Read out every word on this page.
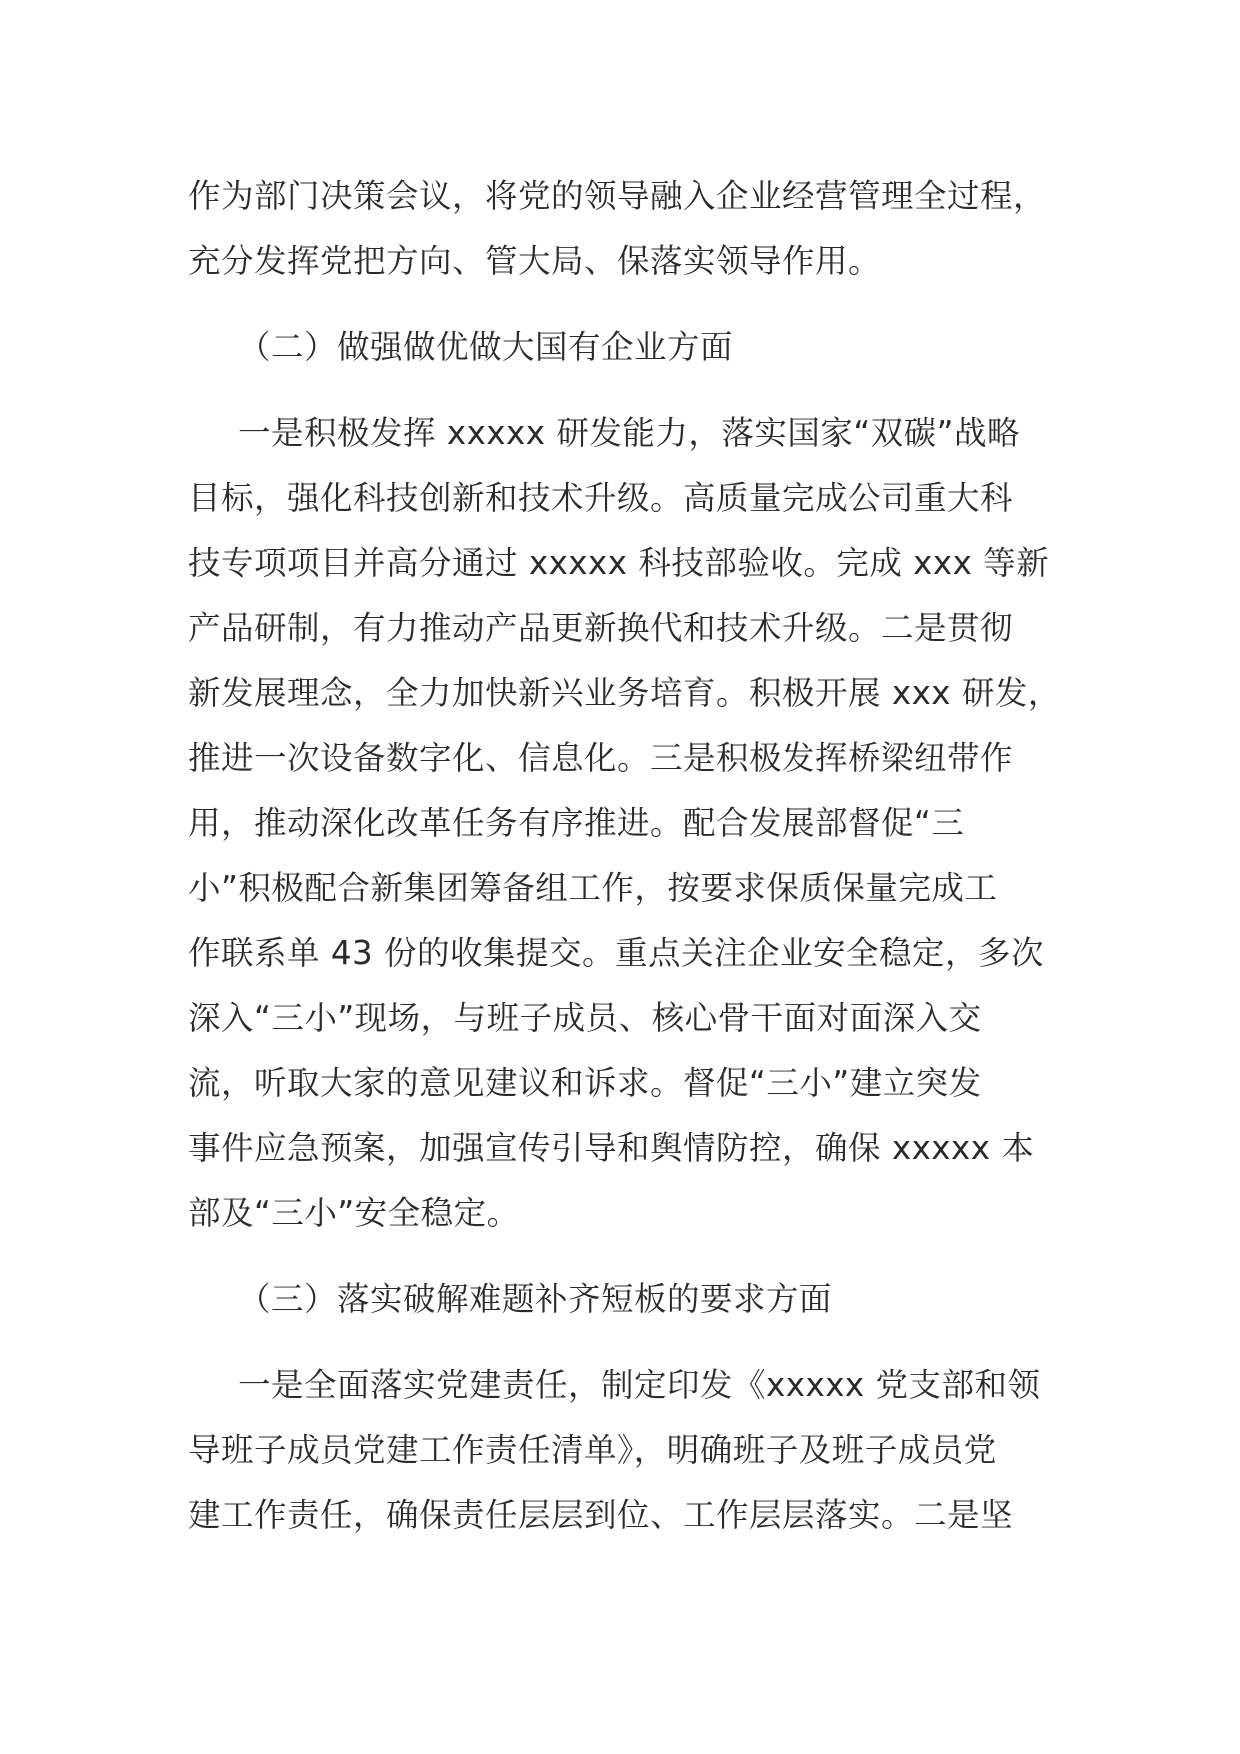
作为部门决策会议，将党的领导融入企业经营管理全过程，
充分发挥党把方向、管大局、保落实领导作用。
（二）做强做优做大国有企业方面
一是积极发挥 xxxxx 研发能力，落实国家“双碳”战略
目标，强化科技创新和技术升级。高质量完成公司重大科
技专项项目并高分通过 xxxxx 科技部验收。完成 xxx 等新
产品研制，有力推动产品更新换代和技术升级。二是贯彻
新发展理念，全力加快新兴业务培育。积极开展 xxx 研发，
推进一次设备数字化、信息化。三是积极发挥桥梁纽带作
用，推动深化改革任务有序推进。配合发展部督促“三
小”积极配合新集团筹备组工作，按要求保质保量完成工
作联系单 43 份的收集提交。重点关注企业安全稳定，多次
深入“三小”现场，与班子成员、核心骨干面对面深入交
流，听取大家的意见建议和诉求。督促“三小”建立突发
事件应急预案，加强宣传引导和舆情防控，确保 xxxxx 本
部及“三小”安全稳定。
（三）落实破解难题补齐短板的要求方面
一是全面落实党建责任，制定印发《xxxxx 党支部和领
导班子成员党建工作责任清单》，明确班子及班子成员党
建工作责任，确保责任层层到位、工作层层落实。二是坚
